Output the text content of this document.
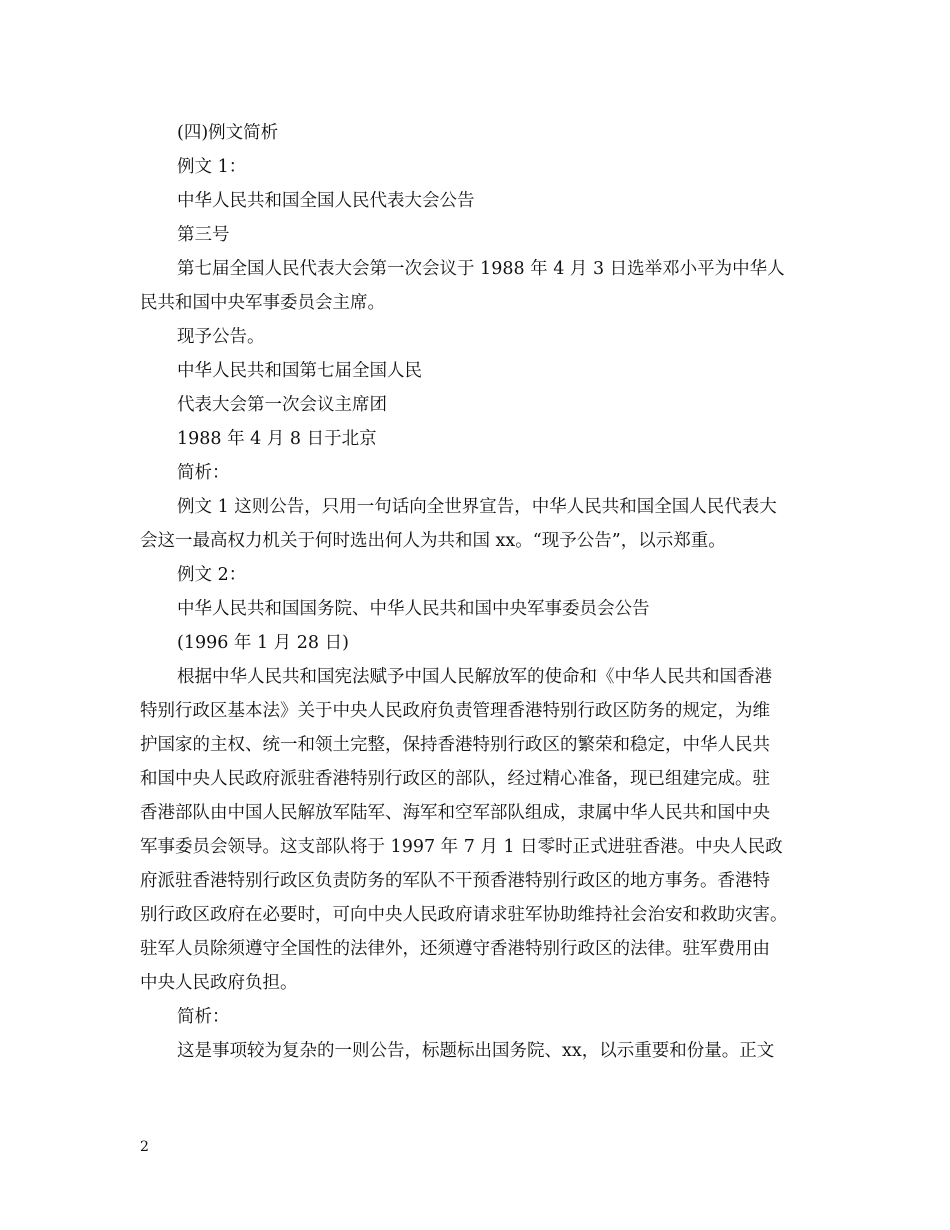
(四)例文简析
例文 1：
中华人民共和国全国人民代表大会公告
第三号
第七届全国人民代表大会第一次会议于 1988 年 4 月 3 日选举邓小平为中华人
民共和国中央军事委员会主席。
现予公告。
中华人民共和国第七届全国人民
代表大会第一次会议主席团
1988 年 4 月 8 日于北京
简析：
例文 1 这则公告，只用一句话向全世界宣告，中华人民共和国全国人民代表大
会这一最高权力机关于何时选出何人为共和国 xx。“现予公告”，以示郑重。
例文 2：
中华人民共和国国务院、中华人民共和国中央军事委员会公告
(1996 年 1 月 28 日)
根据中华人民共和国宪法赋予中国人民解放军的使命和《中华人民共和国香港
特别行政区基本法》关于中央人民政府负责管理香港特别行政区防务的规定，为维
护国家的主权、统一和领土完整，保持香港特别行政区的繁荣和稳定，中华人民共
和国中央人民政府派驻香港特别行政区的部队，经过精心准备，现已组建完成。驻
香港部队由中国人民解放军陆军、海军和空军部队组成，隶属中华人民共和国中央
军事委员会领导。这支部队将于 1997 年 7 月 1 日零时正式进驻香港。中央人民政
府派驻香港特别行政区负责防务的军队不干预香港特别行政区的地方事务。香港特
别行政区政府在必要时，可向中央人民政府请求驻军协助维持社会治安和救助灾害。
驻军人员除须遵守全国性的法律外，还须遵守香港特别行政区的法律。驻军费用由
中央人民政府负担。
简析：
这是事项较为复杂的一则公告，标题标出国务院、xx，以示重要和份量。正文
2
